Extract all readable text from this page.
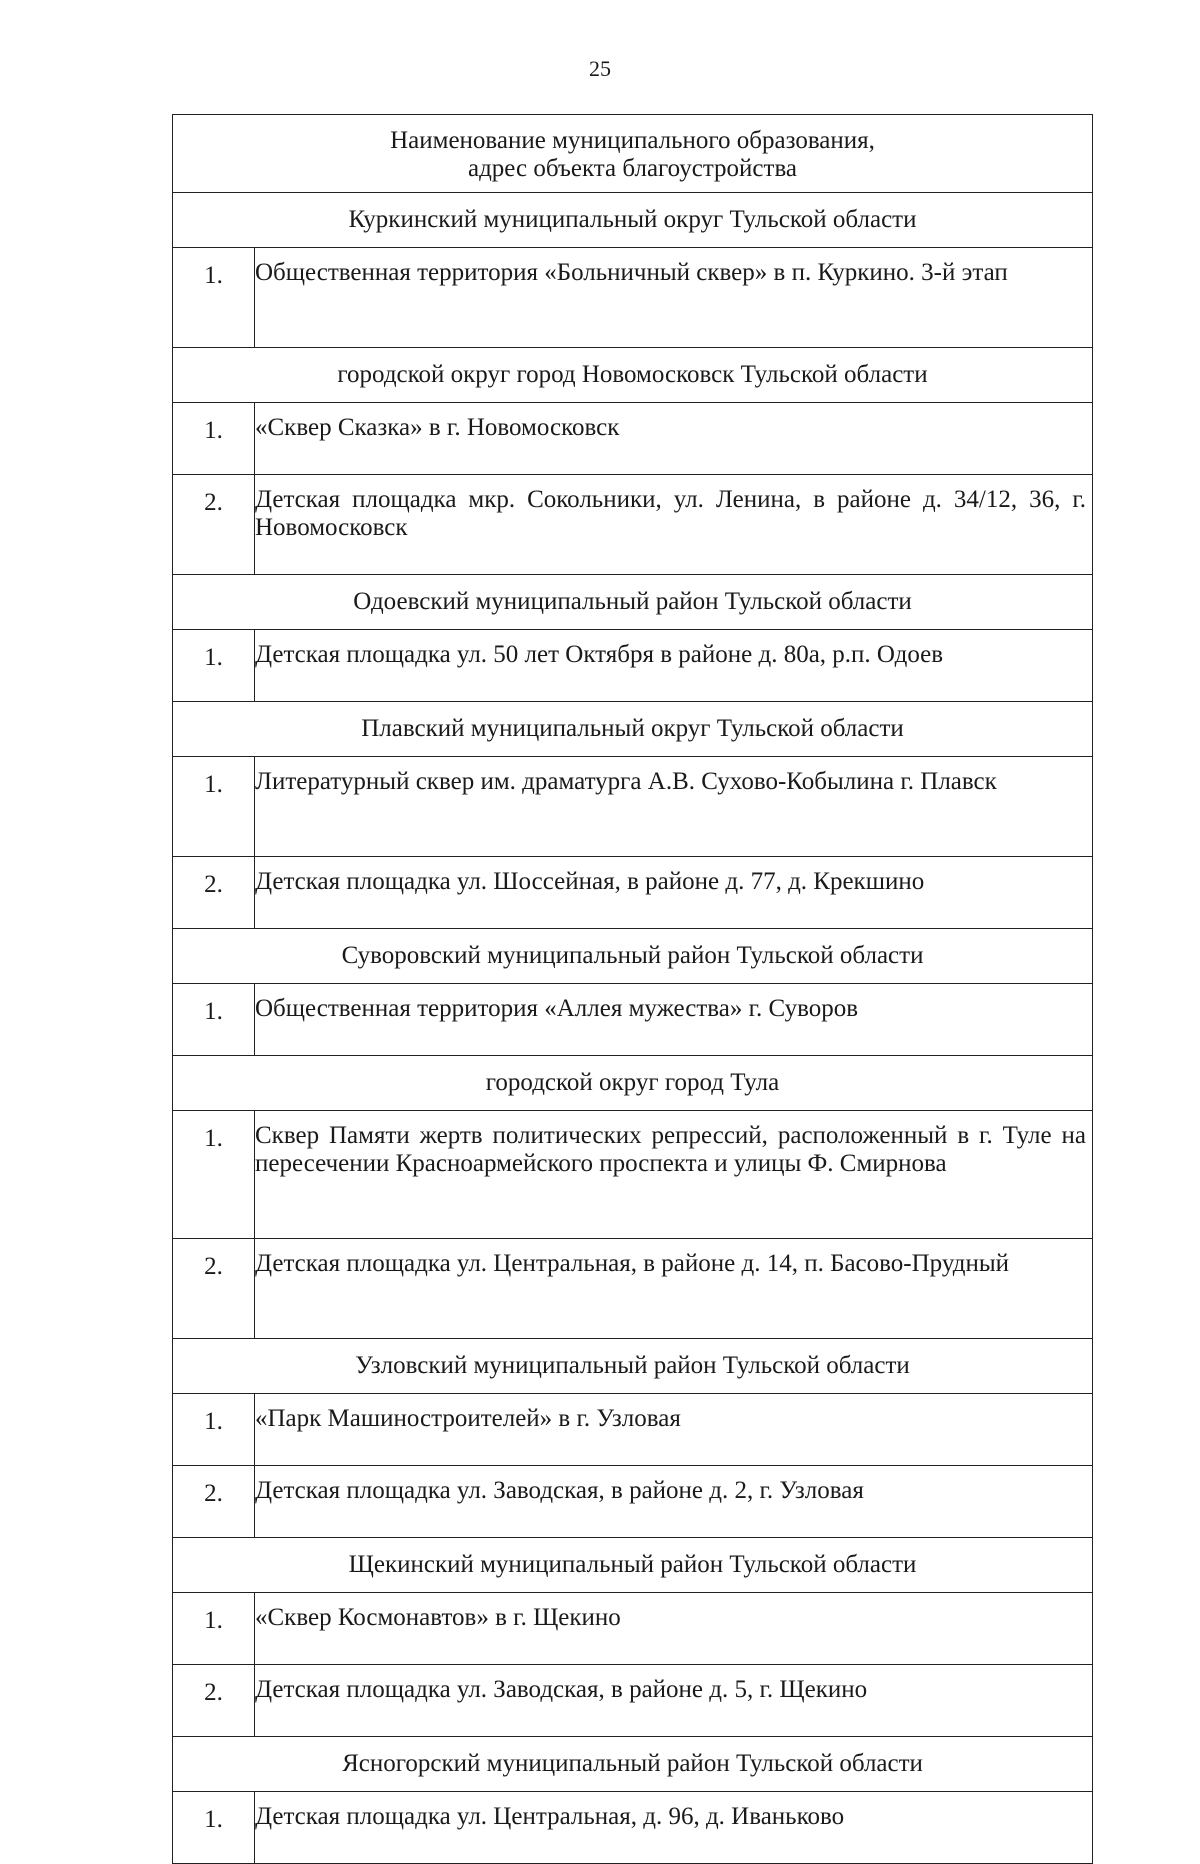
25
Наименование муниципального образования,
адрес объекта благоустройства	

Куркинский муниципальный округ Тульской области	

1.	Общественная территория «Больничный сквер» в п. Куркино. 3-й этап
городской округ город Новомосковск Тульской области	

1.	«Сквер Сказка» в г. Новомосковск

2.	Детская площадка мкр. Сокольники, ул. Ленина, в районе д. 34/12, 36, г. Новомосковск
Одоевский муниципальный район Тульской области	

1.	Детская площадка ул. 50 лет Октября в районе д. 80а, р.п. Одоев
Плавский муниципальный округ Тульской области	

1.	Литературный сквер им. драматурга А.В. Сухово-Кобылина г. Плавск

2.	Детская площадка ул. Шоссейная, в районе д. 77, д. Крекшино
Суворовский муниципальный район Тульской области	

1.	Общественная территория «Аллея мужества» г. Суворов
городской округ город Тула	

1.	Сквер Памяти жертв политических репрессий, расположенный в г. Туле на пересечении Красноармейского проспекта и улицы Ф. Смирнова

2.	Детская площадка ул. Центральная, в районе д. 14, п. Басово-Прудный
Узловский муниципальный район Тульской области	

1.	«Парк Машиностроителей» в г. Узловая

2.	Детская площадка ул. Заводская, в районе д. 2, г. Узловая
Щекинский муниципальный район Тульской области	

1.	«Сквер Космонавтов» в г. Щекино

2.	Детская площадка ул. Заводская, в районе д. 5, г. Щекино
Ясногорский муниципальный район Тульской области	

1.	Детская площадка ул. Центральная, д. 96, д. Иваньково
